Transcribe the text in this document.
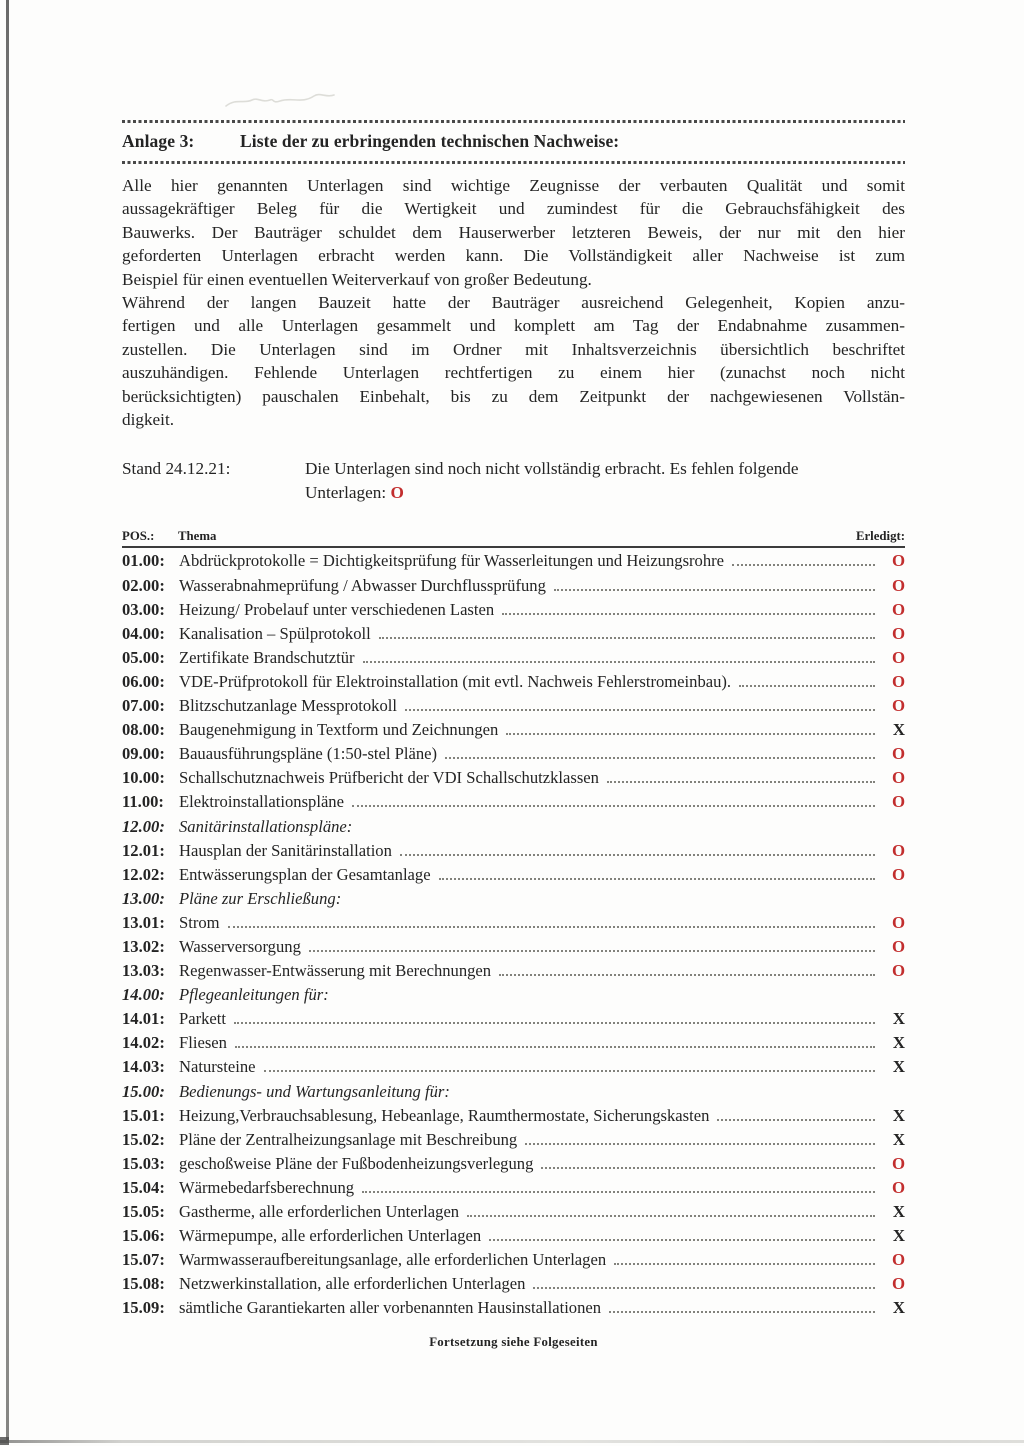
Anlage 3:	Liste der zu erbringenden technischen Nachweise:
Alle hier genannten Unterlagen sind wichtige Zeugnisse der verbauten Qualität und somit
aussagekräftiger Beleg für die Wertigkeit und zumindest für die Gebrauchsfähigkeit des
Bauwerks. Der Bauträger schuldet dem Hauserwerber letzteren Beweis, der nur mit den hier
geforderten Unterlagen erbracht werden kann. Die Vollständigkeit aller Nachweise ist zum
Beispiel für einen eventuellen Weiterverkauf von großer Bedeutung.
Während der langen Bauzeit hatte der Bauträger ausreichend Gelegenheit, Kopien anzu-
fertigen und alle Unterlagen gesammelt und komplett am Tag der Endabnahme zusammen-
zustellen. Die Unterlagen sind im Ordner mit Inhaltsverzeichnis übersichtlich beschriftet
auszuhändigen. Fehlende Unterlagen rechtfertigen zu einem hier (zunachst noch nicht
berücksichtigten) pauschalen Einbehalt, bis zu dem Zeitpunkt der nachgewiesenen Vollstän-
digkeit.
Stand 24.12.21:	Die Unterlagen sind noch nicht vollständig erbracht. Es fehlen folgende
Unterlagen: O
POS.:	Thema	Erledigt:
01.00: Abdrückprotokolle = Dichtigkeitsprüfung für Wasserleitungen und Heizungsrohre	O
02.00: Wasserabnahmeprüfung / Abwasser Durchflussprüfung	O
03.00: Heizung/ Probelauf unter verschiedenen Lasten	O
04.00: Kanalisation – Spülprotokoll	O
05.00: Zertifikate Brandschutztür	O
06.00: VDE-Prüfprotokoll für Elektroinstallation (mit evtl. Nachweis Fehlerstromeinbau).	O
07.00: Blitzschutzanlage Messprotokoll	O
08.00: Baugenehmigung in Textform und Zeichnungen	X
09.00: Bauausführungspläne (1:50-stel Pläne)	O
10.00: Schallschutznachweis Prüfbericht der VDI Schallschutzklassen	O
11.00: Elektroinstallationspläne	O
12.00: Sanitärinstallationspläne:
12.01: Hausplan der Sanitärinstallation	O
12.02: Entwässerungsplan der Gesamtanlage	O
13.00: Pläne zur Erschließung:
13.01: Strom	O
13.02: Wasserversorgung	O
13.03: Regenwasser-Entwässerung mit Berechnungen	O
14.00: Pflegeanleitungen für:
14.01: Parkett	X
14.02: Fliesen	X
14.03: Natursteine	X
15.00: Bedienungs- und Wartungsanleitung für:
15.01: Heizung,Verbrauchsablesung, Hebeanlage, Raumthermostate, Sicherungskasten	X
15.02: Pläne der Zentralheizungsanlage mit Beschreibung	X
15.03: geschoßweise Pläne der Fußbodenheizungsverlegung	O
15.04: Wärmebedarfsberechnung	O
15.05: Gastherme, alle erforderlichen Unterlagen	X
15.06: Wärmepumpe, alle erforderlichen Unterlagen	X
15.07: Warmwasseraufbereitungsanlage, alle erforderlichen Unterlagen	O
15.08: Netzwerkinstallation, alle erforderlichen Unterlagen	O
15.09: sämtliche Garantiekarten aller vorbenannten Hausinstallationen	X
Fortsetzung siehe Folgeseiten
